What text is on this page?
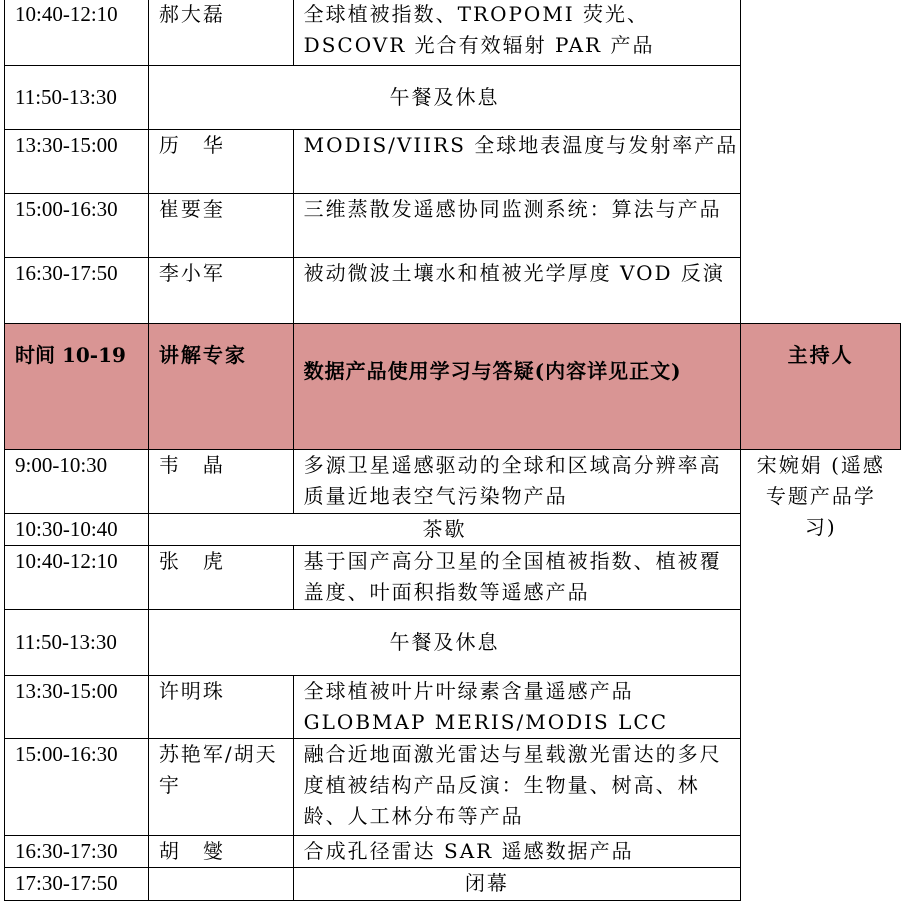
10:40-12:10	郝大磊	全球植被指数、TROPOMI 荧光、DSCOVR 光合有效辐射 PAR 产品	
11:50-13:30	午餐及休息		
13:30-15:00	历　华	MODIS/VIIRS 全球地表温度与发射率产品	
15:00-16:30	崔要奎	三维蒸散发遥感协同监测系统：算法与产品	
16:30-17:50	李小军	被动微波土壤水和植被光学厚度 VOD 反演	
时间 10-19	讲解专家	数据产品使用学习与答疑(内容详见正文)	主持人
9:00-10:30	韦　晶	多源卫星遥感驱动的全球和区域高分辨率高质量近地表空气污染物产品	宋婉娟 (遥感专题产品学习)
10:30-10:40	茶歇		
10:40-12:10	张　虎	基于国产高分卫星的全国植被指数、植被覆盖度、叶面积指数等遥感产品	
11:50-13:30	午餐及休息		
13:30-15:00	许明珠	全球植被叶片叶绿素含量遥感产品 GLOBMAP MERIS/MODIS LCC	
15:00-16:30	苏艳军/胡天宇	融合近地面激光雷达与星载激光雷达的多尺度植被结构产品反演：生物量、树高、林龄、人工林分布等产品	
16:30-17:30	胡　燮	合成孔径雷达 SAR 遥感数据产品	
17:30-17:50		闭幕	
